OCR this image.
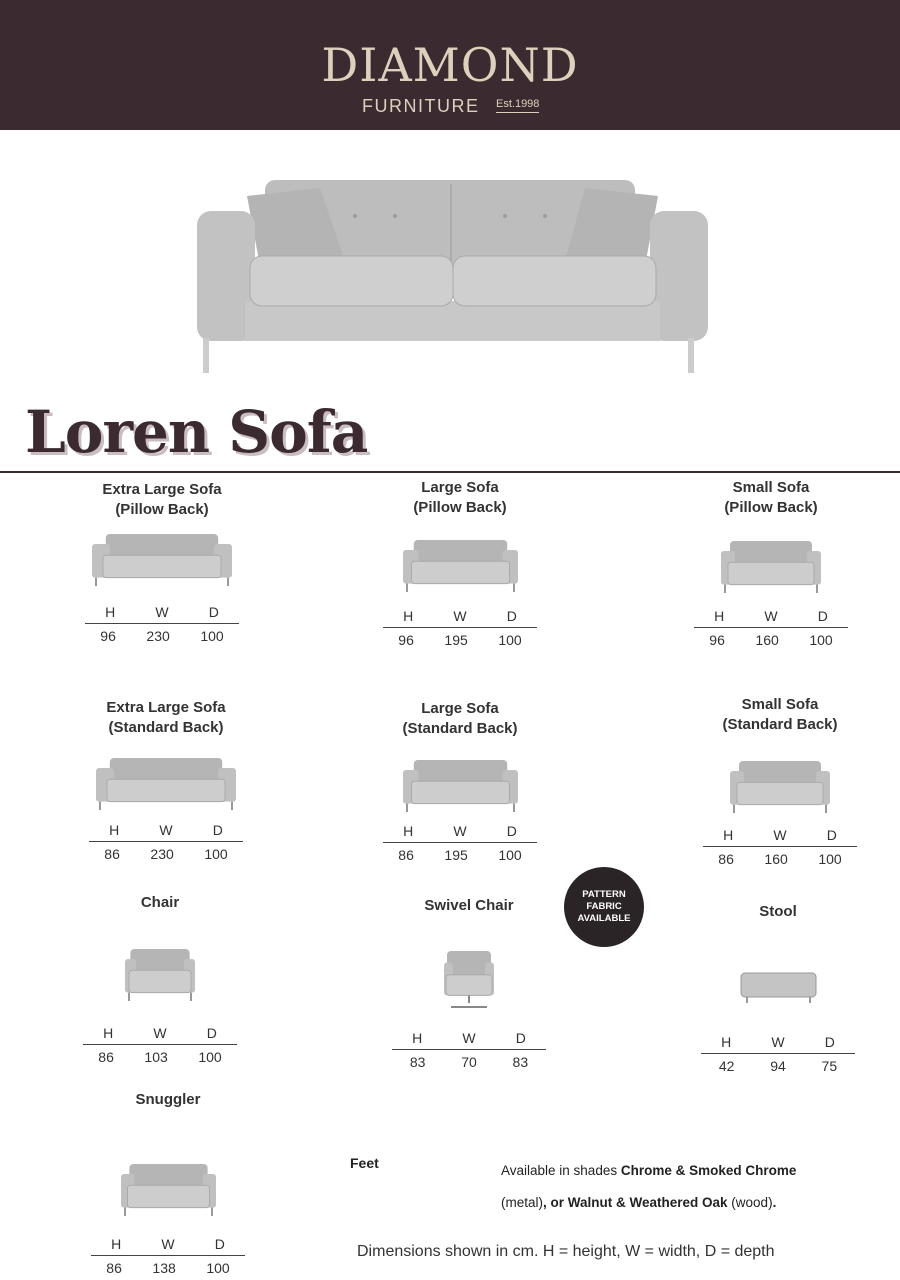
DIAMOND
FURNITURE Est.1998
Loren Sofa
Extra Large Sofa
(Pillow Back)
H	W	D
96 230 100
Large Sofa
(Pillow Back)
H	W	D
96 195 100
Small Sofa
(Pillow Back)
H	W	D
96 160 100
Extra Large Sofa
(Standard Back)
H	W	D
86 230 100
Large Sofa
(Standard Back)
H	W	D
86 195 100
Small Sofa
(Standard Back)
H	W	D
86 160 100
Chair
H	W	D
86 103 100
Swivel Chair
H	W	D
83	70	83
Stool
H	W	D
42	94	75
Snuggler
H	W	D
86 138 100
PATTERN
FABRIC
AVAILABLE
Feet	Available in shades Chrome & Smoked Chrome
(metal), or Walnut & Weathered Oak (wood).
Dimensions shown in cm. H = height, W = width, D = depth
